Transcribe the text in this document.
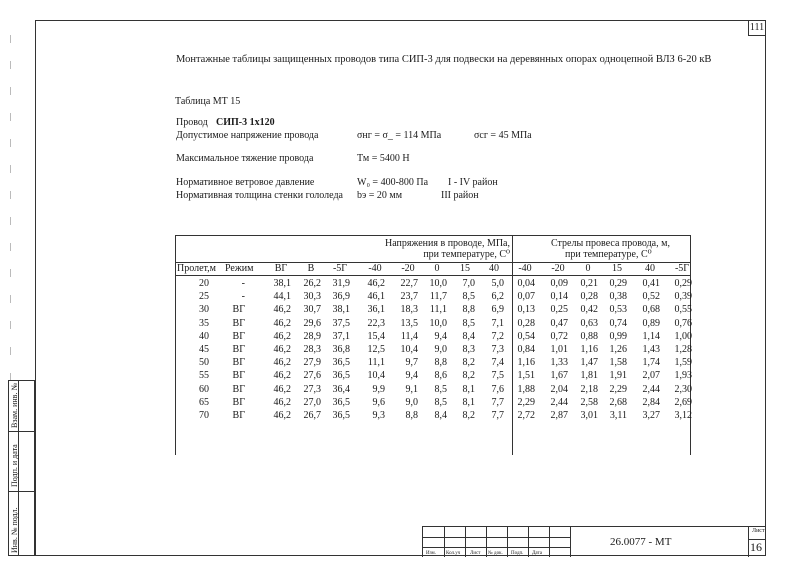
111
Инв. № подл.
Подп. и дата
Взам. инв. №
Монтажные таблицы защищенных проводов типа СИП-3 для подвески на деревянных опорах одноцепной ВЛЗ 6-20 кВ
Таблица МТ 15
Провод СИП-3 1х120
Допустимое напряжение провода	σнг = σ_ = 114 МПа	σсг = 45 МПа
Максимальное тяжение провода	Тм = 5400 Н
Нормативное ветровое давление	W₀ = 400-800 Па I - IV район
Нормативная толщина стенки гололеда bэ = 20 мм	III район
Напряжения в проводе, МПа,
при температуре, С⁰
Стрелы провеса провода, м,
при температуре, С⁰
Пролет,м Режим	ВГ	В	-5Г	-40	-20	0	15	40	-40	-20	0	15	40	-5Г
20	-	38,1	26,2	31,9	46,2	22,7	10,0	7,0	5,0	0,04	0,09	0,21	0,29	0,41	0,29
25	-	44,1	30,3	36,9	46,1	23,7	11,7	8,5	6,2	0,07	0,14	0,28	0,38	0,52	0,39
30	ВГ	46,2	30,7	38,1	36,1	18,3	11,1	8,8	6,9	0,13	0,25	0,42	0,53	0,68	0,55
35	ВГ	46,2	29,6	37,5	22,3	13,5	10,0	8,5	7,1	0,28	0,47	0,63	0,74	0,89	0,76
40	ВГ	46,2	28,9	37,1	15,4	11,4	9,4	8,4	7,2	0,54	0,72	0,88	0,99	1,14	1,00
45	ВГ	46,2	28,3	36,8	12,5	10,4	9,0	8,3	7,3	0,84	1,01	1,16	1,26	1,43	1,28
50	ВГ	46,2	27,9	36,5	11,1	9,7	8,8	8,2	7,4	1,16	1,33	1,47	1,58	1,74	1,59
55	ВГ	46,2	27,6	36,5	10,4	9,4	8,6	8,2	7,5	1,51	1,67	1,81	1,91	2,07	1,93
60	ВГ	46,2	27,3	36,4	9,9	9,1	8,5	8,1	7,6	1,88	2,04	2,18	2,29	2,44	2,30
65	ВГ	46,2	27,0	36,5	9,6	9,0	8,5	8,1	7,7	2,29	2,44	2,58	2,68	2,84	2,69
70	ВГ	46,2	26,7	36,5	9,3	8,8	8,4	8,2	7,7	2,72	2,87	3,01	3,11	3,27	3,12
Изм. Кол.уч Лист № док. Подп. Дата
26.0077 - МТ
Лист
16
